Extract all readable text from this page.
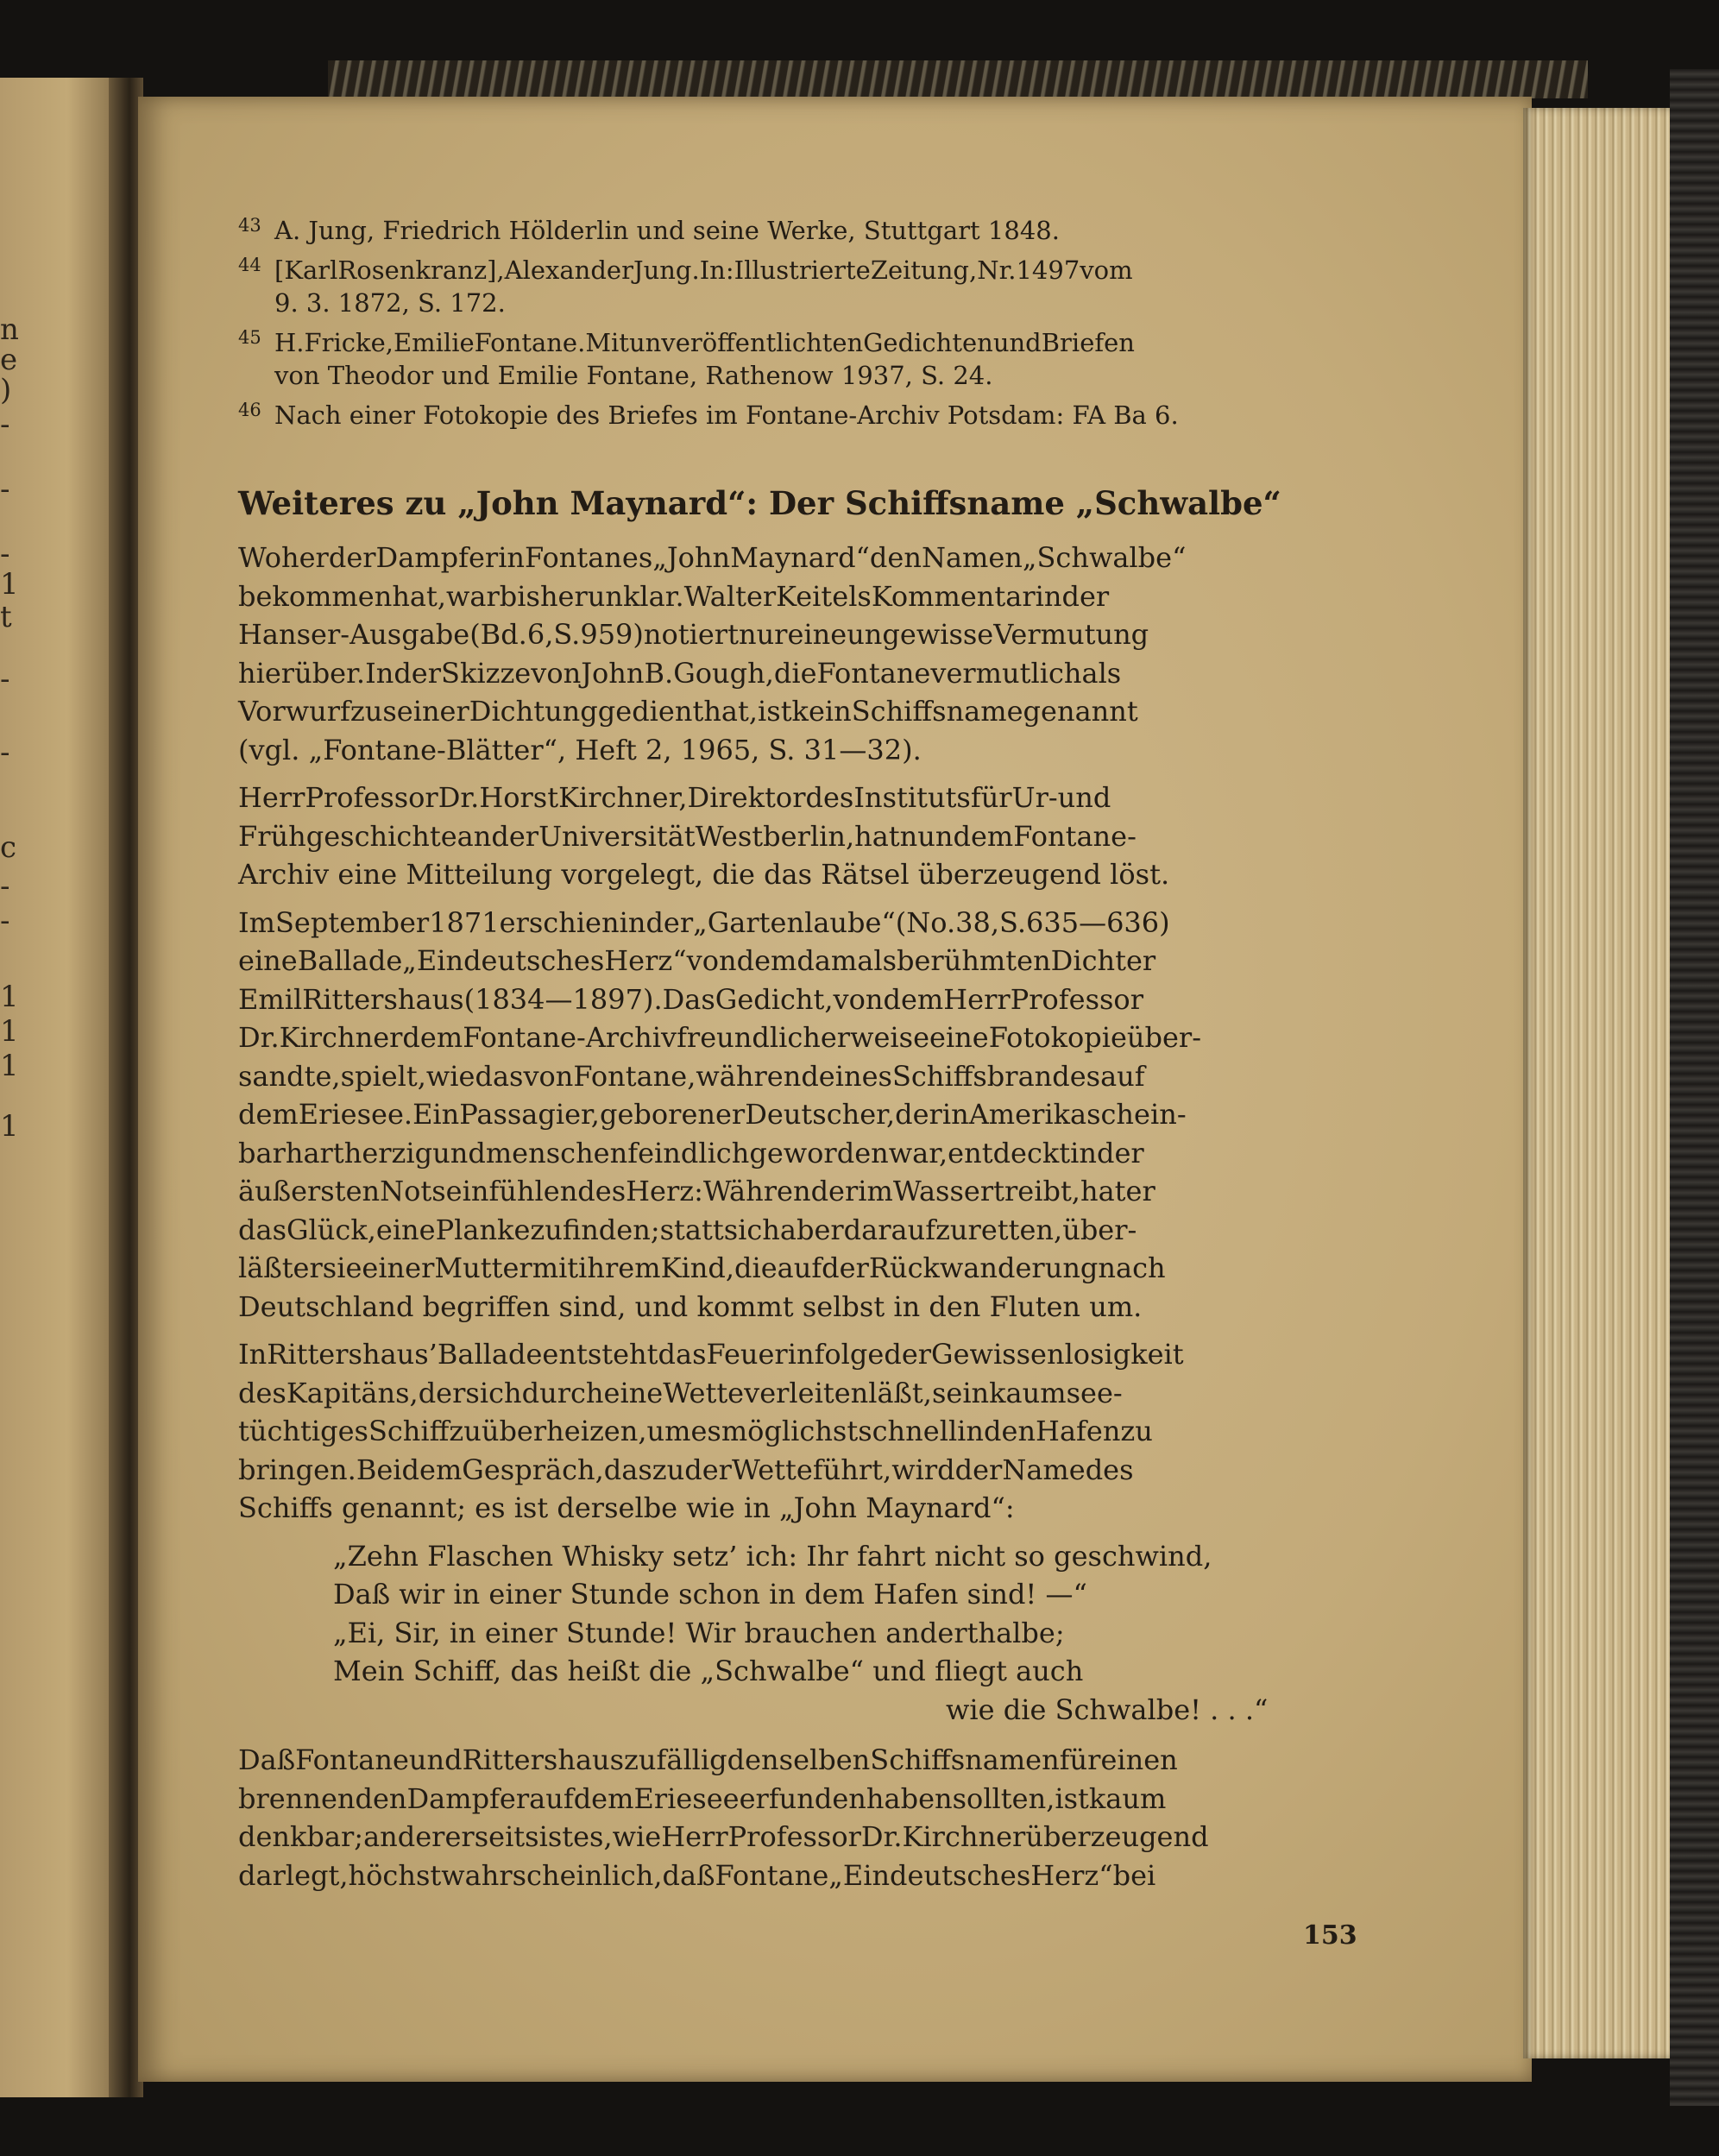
n
e
)
-
-
-
1
t
-
-
c
-
-
1
1
1
1
43 A. Jung, Friedrich Hölderlin und seine Werke, Stuttgart 1848.
44 [KarlRosenkranz],AlexanderJung.In:IllustrierteZeitung,Nr.1497vom
9. 3. 1872, S. 172.
45 H.Fricke,EmilieFontane.MitunveröffentlichtenGedichtenundBriefen
von Theodor und Emilie Fontane, Rathenow 1937, S. 24.
46 Nach einer Fotokopie des Briefes im Fontane-Archiv Potsdam: FA Ba 6.
Weiteres zu „John Maynard“: Der Schiffsname „Schwalbe“
WoherderDampferinFontanes„JohnMaynard“denNamen„Schwalbe“
bekommenhat,warbisherunklar.WalterKeitelsKommentarinder
Hanser-Ausgabe(Bd.6,S.959)notiertnureineungewisseVermutung
hierüber.InderSkizzevonJohnB.Gough,dieFontanevermutlichals
VorwurfzuseinerDichtunggedienthat,istkeinSchiffsnamegenannt
(vgl. „Fontane-Blätter“, Heft 2, 1965, S. 31—32).
HerrProfessorDr.HorstKirchner,DirektordesInstitutsfürUr-und
FrühgeschichteanderUniversitätWestberlin,hatnundemFontane-
Archiv eine Mitteilung vorgelegt, die das Rätsel überzeugend löst.
ImSeptember1871erschieninder„Gartenlaube“(No.38,S.635—636)
eineBallade„EindeutschesHerz“vondemdamalsberühmtenDichter
EmilRittershaus(1834—1897).DasGedicht,vondemHerrProfessor
Dr.KirchnerdemFontane-ArchivfreundlicherweiseeineFotokopieüber-
sandte,spielt,wiedasvonFontane,währendeinesSchiffsbrandesauf
demEriesee.EinPassagier,geborenerDeutscher,derinAmerikaschein-
barhartherzigundmenschenfeindlichgewordenwar,entdecktinder
äußerstenNotseinfühlendesHerz:WährenderimWassertreibt,hater
dasGlück,einePlankezufinden;stattsichaberdaraufzuretten,über-
läßtersieeinerMuttermitihremKind,dieaufderRückwanderungnach
Deutschland begriffen sind, und kommt selbst in den Fluten um.
InRittershaus’BalladeentstehtdasFeuerinfolgederGewissenlosigkeit
desKapitäns,dersichdurcheineWetteverleitenläßt,seinkaumsee-
tüchtigesSchiffzuüberheizen,umesmöglichstschnellindenHafenzu
bringen.BeidemGespräch,daszuderWetteführt,wirdderNamedes
Schiffs genannt; es ist derselbe wie in „John Maynard“:
„Zehn Flaschen Whisky setz’ ich: Ihr fahrt nicht so geschwind,
Daß wir in einer Stunde schon in dem Hafen sind! —“
„Ei, Sir, in einer Stunde! Wir brauchen anderthalbe;
Mein Schiff, das heißt die „Schwalbe“ und fliegt auch
wie die Schwalbe! . . .“
DaßFontaneundRittershauszufälligdenselbenSchiffsnamenfüreinen
brennendenDampferaufdemErieseeerfundenhabensollten,istkaum
denkbar;andererseitsistes,wieHerrProfessorDr.Kirchnerüberzeugend
darlegt,höchstwahrscheinlich,daßFontane„EindeutschesHerz“bei
153
